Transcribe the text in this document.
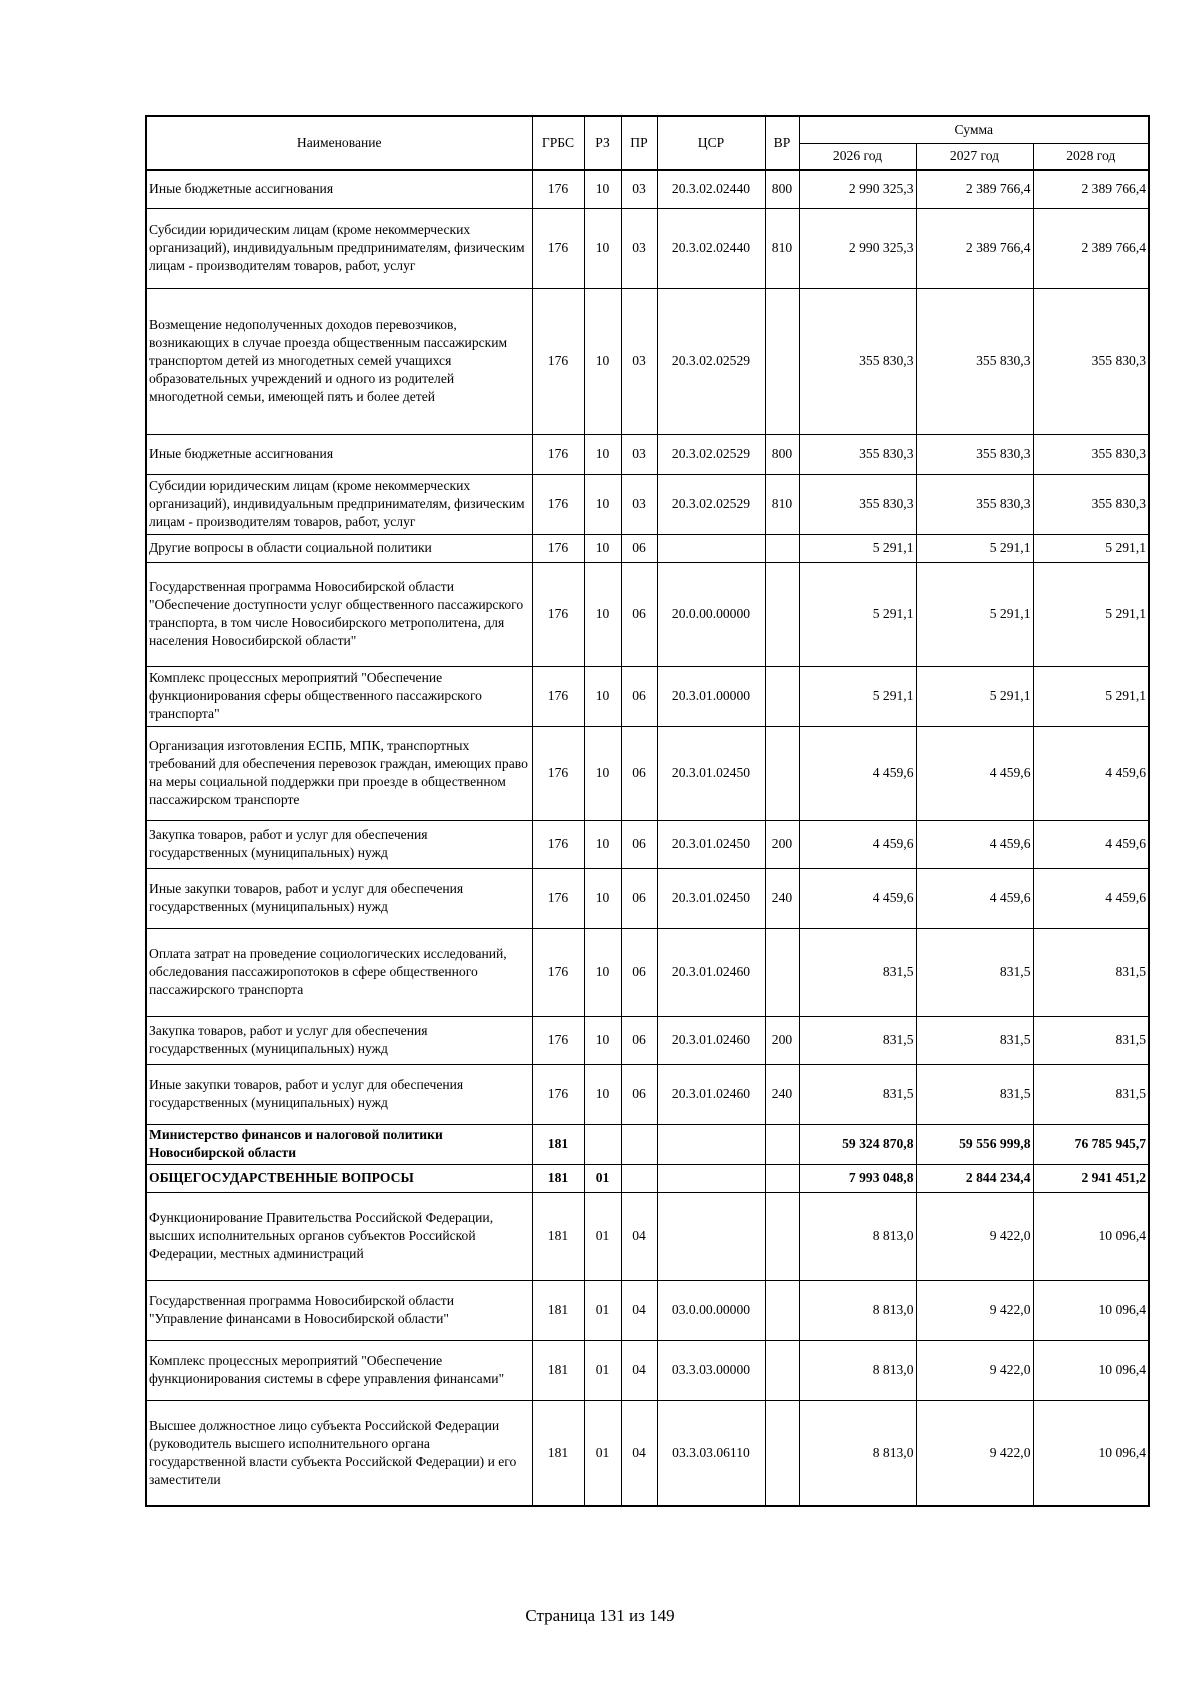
Наименование	ГРБС	РЗ	ПР	ЦСР	ВР	Сумма		
						2026 год	2027 год	2028 год
Иные бюджетные ассигнования	176	10	03	20.3.02.02440	800	2 990 325,3	2 389 766,4	2 389 766,4
Субсидии юридическим лицам (кроме некоммерческих организаций), индивидуальным предпринимателям, физическим лицам - производителям товаров, работ, услуг	176	10	03	20.3.02.02440	810	2 990 325,3	2 389 766,4	2 389 766,4
Возмещение недополученных доходов перевозчиков, возникающих в случае проезда общественным пассажирским транспортом детей из многодетных семей учащихся образовательных учреждений и одного из родителей многодетной семьи, имеющей пять и более детей	176	10	03	20.3.02.02529		355 830,3	355 830,3	355 830,3
Иные бюджетные ассигнования	176	10	03	20.3.02.02529	800	355 830,3	355 830,3	355 830,3
Субсидии юридическим лицам (кроме некоммерческих организаций), индивидуальным предпринимателям, физическим лицам - производителям товаров, работ, услуг	176	10	03	20.3.02.02529	810	355 830,3	355 830,3	355 830,3
Другие вопросы в области социальной политики	176	10	06			5 291,1	5 291,1	5 291,1
Государственная программа Новосибирской области "Обеспечение доступности услуг общественного пассажирского транспорта, в том числе Новосибирского метрополитена, для населения Новосибирской области"	176	10	06	20.0.00.00000		5 291,1	5 291,1	5 291,1
Комплекс процессных мероприятий "Обеспечение функционирования сферы общественного пассажирского транспорта"	176	10	06	20.3.01.00000		5 291,1	5 291,1	5 291,1
Организация изготовления ЕСПБ, МПК, транспортных требований для обеспечения перевозок граждан, имеющих право на меры социальной поддержки при проезде в общественном пассажирском транспорте	176	10	06	20.3.01.02450		4 459,6	4 459,6	4 459,6
Закупка товаров, работ и услуг для обеспечения государственных (муниципальных) нужд	176	10	06	20.3.01.02450	200	4 459,6	4 459,6	4 459,6
Иные закупки товаров, работ и услуг для обеспечения государственных (муниципальных) нужд	176	10	06	20.3.01.02450	240	4 459,6	4 459,6	4 459,6
Оплата затрат на проведение социологических исследований, обследования пассажиропотоков в сфере общественного пассажирского транспорта	176	10	06	20.3.01.02460		831,5	831,5	831,5
Закупка товаров, работ и услуг для обеспечения государственных (муниципальных) нужд	176	10	06	20.3.01.02460	200	831,5	831,5	831,5
Иные закупки товаров, работ и услуг для обеспечения государственных (муниципальных) нужд	176	10	06	20.3.01.02460	240	831,5	831,5	831,5
Министерство финансов и налоговой политики Новосибирской области	181					59 324 870,8	59 556 999,8	76 785 945,7
ОБЩЕГОСУДАРСТВЕННЫЕ ВОПРОСЫ	181	01				7 993 048,8	2 844 234,4	2 941 451,2
Функционирование Правительства Российской Федерации, высших исполнительных органов субъектов Российской Федерации, местных администраций	181	01	04			8 813,0	9 422,0	10 096,4
Государственная программа Новосибирской области "Управление финансами в Новосибирской области"	181	01	04	03.0.00.00000		8 813,0	9 422,0	10 096,4
Комплекс процессных мероприятий "Обеспечение функционирования системы в сфере управления финансами"	181	01	04	03.3.03.00000		8 813,0	9 422,0	10 096,4
Высшее должностное лицо субъекта Российской Федерации (руководитель высшего исполнительного органа государственной власти субъекта Российской Федерации) и его заместители	181	01	04	03.3.03.06110		8 813,0	9 422,0	10 096,4
Страница 131 из 149
